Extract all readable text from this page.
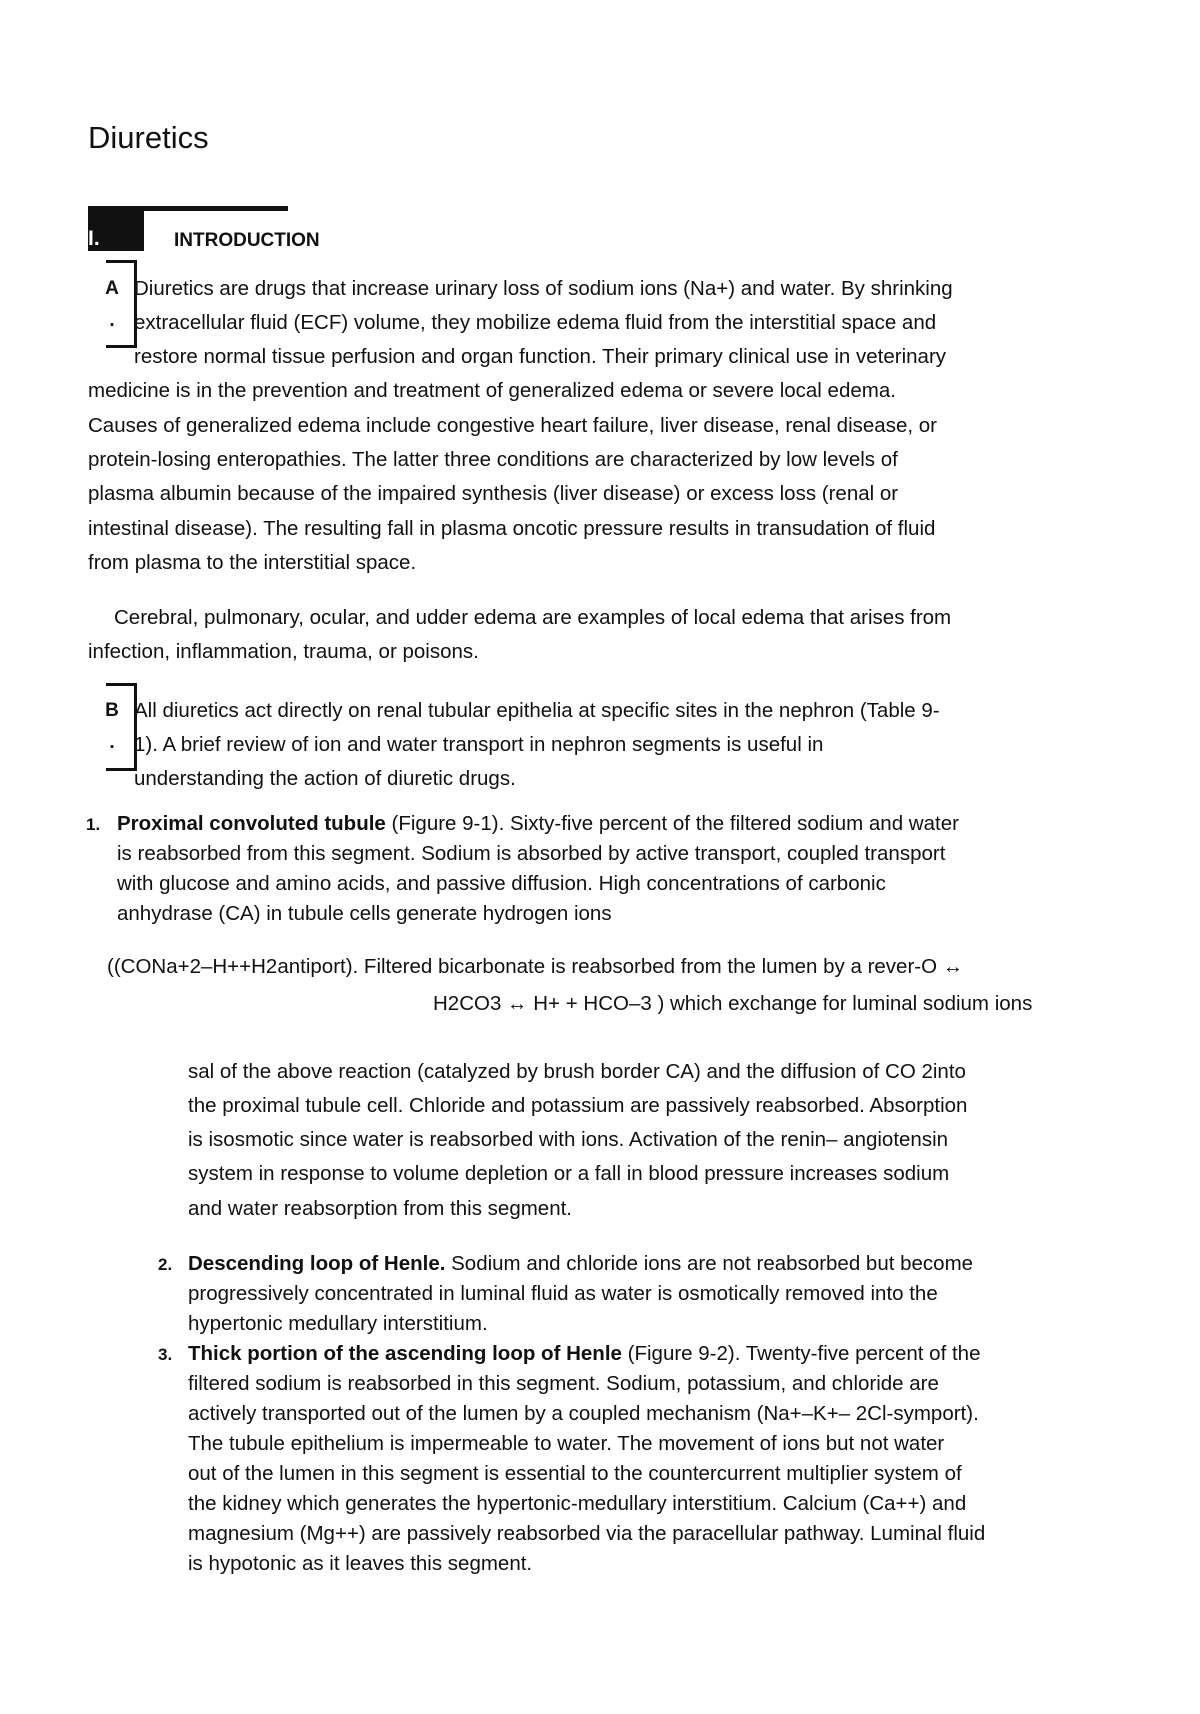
Diuretics
I.	INTRODUCTION
A
.
Diuretics are drugs that increase urinary loss of sodium ions (Na+) and water. By shrinking
extracellular fluid (ECF) volume, they mobilize edema fluid from the interstitial space and
restore normal tissue perfusion and organ function. Their primary clinical use in veterinary
medicine is in the prevention and treatment of generalized edema or severe local edema.
Causes of generalized edema include congestive heart failure, liver disease, renal disease, or
protein-losing enteropathies. The latter three conditions are characterized by low levels of
plasma albumin because of the impaired synthesis (liver disease) or excess loss (renal or
intestinal disease). The resulting fall in plasma oncotic pressure results in transudation of fluid
from plasma to the interstitial space.
Cerebral, pulmonary, ocular, and udder edema are examples of local edema that arises from
infection, inflammation, trauma, or poisons.
B
.
All diuretics act directly on renal tubular epithelia at specific sites in the nephron (Table 9-
1). A brief review of ion and water transport in nephron segments is useful in
understanding the action of diuretic drugs.
1. Proximal convoluted tubule (Figure 9-1). Sixty-five percent of the filtered sodium and water
is reabsorbed from this segment. Sodium is absorbed by active transport, coupled transport
with glucose and amino acids, and passive diffusion. High concentrations of carbonic
anhydrase (CA) in tubule cells generate hydrogen ions
((CONa+2–H++H2antiport). Filtered bicarbonate is reabsorbed from the lumen by a rever-O ↔
H2CO3 ↔ H+ + HCO–3 ) which exchange for luminal sodium ions
sal of the above reaction (catalyzed by brush border CA) and the diffusion of CO 2into
the proximal tubule cell. Chloride and potassium are passively reabsorbed. Absorption
is isosmotic since water is reabsorbed with ions. Activation of the renin– angiotensin
system in response to volume depletion or a fall in blood pressure increases sodium
and water reabsorption from this segment.
2. Descending loop of Henle. Sodium and chloride ions are not reabsorbed but become
progressively concentrated in luminal fluid as water is osmotically removed into the
hypertonic medullary interstitium.
3. Thick portion of the ascending loop of Henle (Figure 9-2). Twenty-five percent of the
filtered sodium is reabsorbed in this segment. Sodium, potassium, and chloride are
actively transported out of the lumen by a coupled mechanism (Na+–K+– 2Cl-symport).
The tubule epithelium is impermeable to water. The movement of ions but not water
out of the lumen in this segment is essential to the countercurrent multiplier system of
the kidney which generates the hypertonic-medullary interstitium. Calcium (Ca++) and
magnesium (Mg++) are passively reabsorbed via the paracellular pathway. Luminal fluid
is hypotonic as it leaves this segment.
